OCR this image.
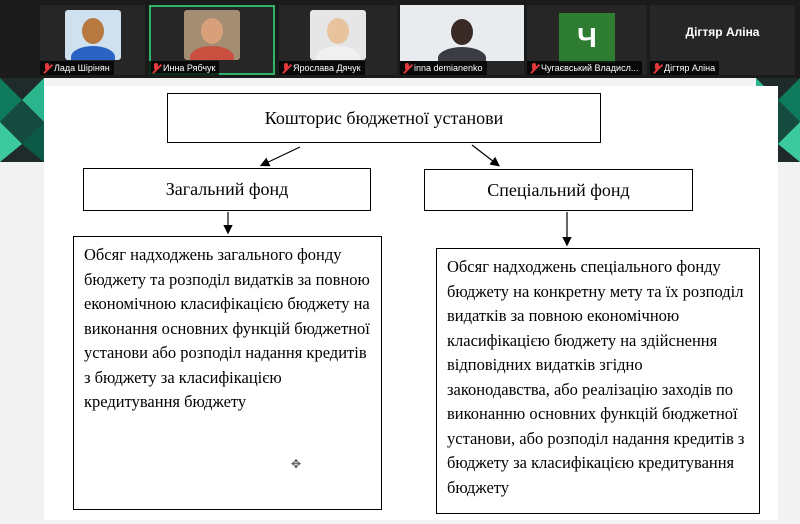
Лада Шірінян	Инна Рябчук	Ярослава Дячук	inna demianenko
Ч
Чугаєвський Владисл...	Дігтяр Аліна
Дігтяр Аліна
Кошторис бюджетної установи
Загальний фонд	Спеціальний фонд
Обсяг надходжень загального фонду бюджету та розподіл видатків за повною економічною класифікацією бюджету на виконання основних функцій бюджетної установи або розподіл надання кредитів з бюджету за класифікацією кредитування бюджету
Обсяг надходжень спеціального фонду бюджету на конкретну мету та їх розподіл видатків за повною економічною класифікацією бюджету на здійснення відповідних видатків згідно законодавства, або реалізацію заходів по виконанню основних функцій бюджетної установи, або розподіл надання кредитів з бюджету за класифікацією кредитування бюджету
✥
